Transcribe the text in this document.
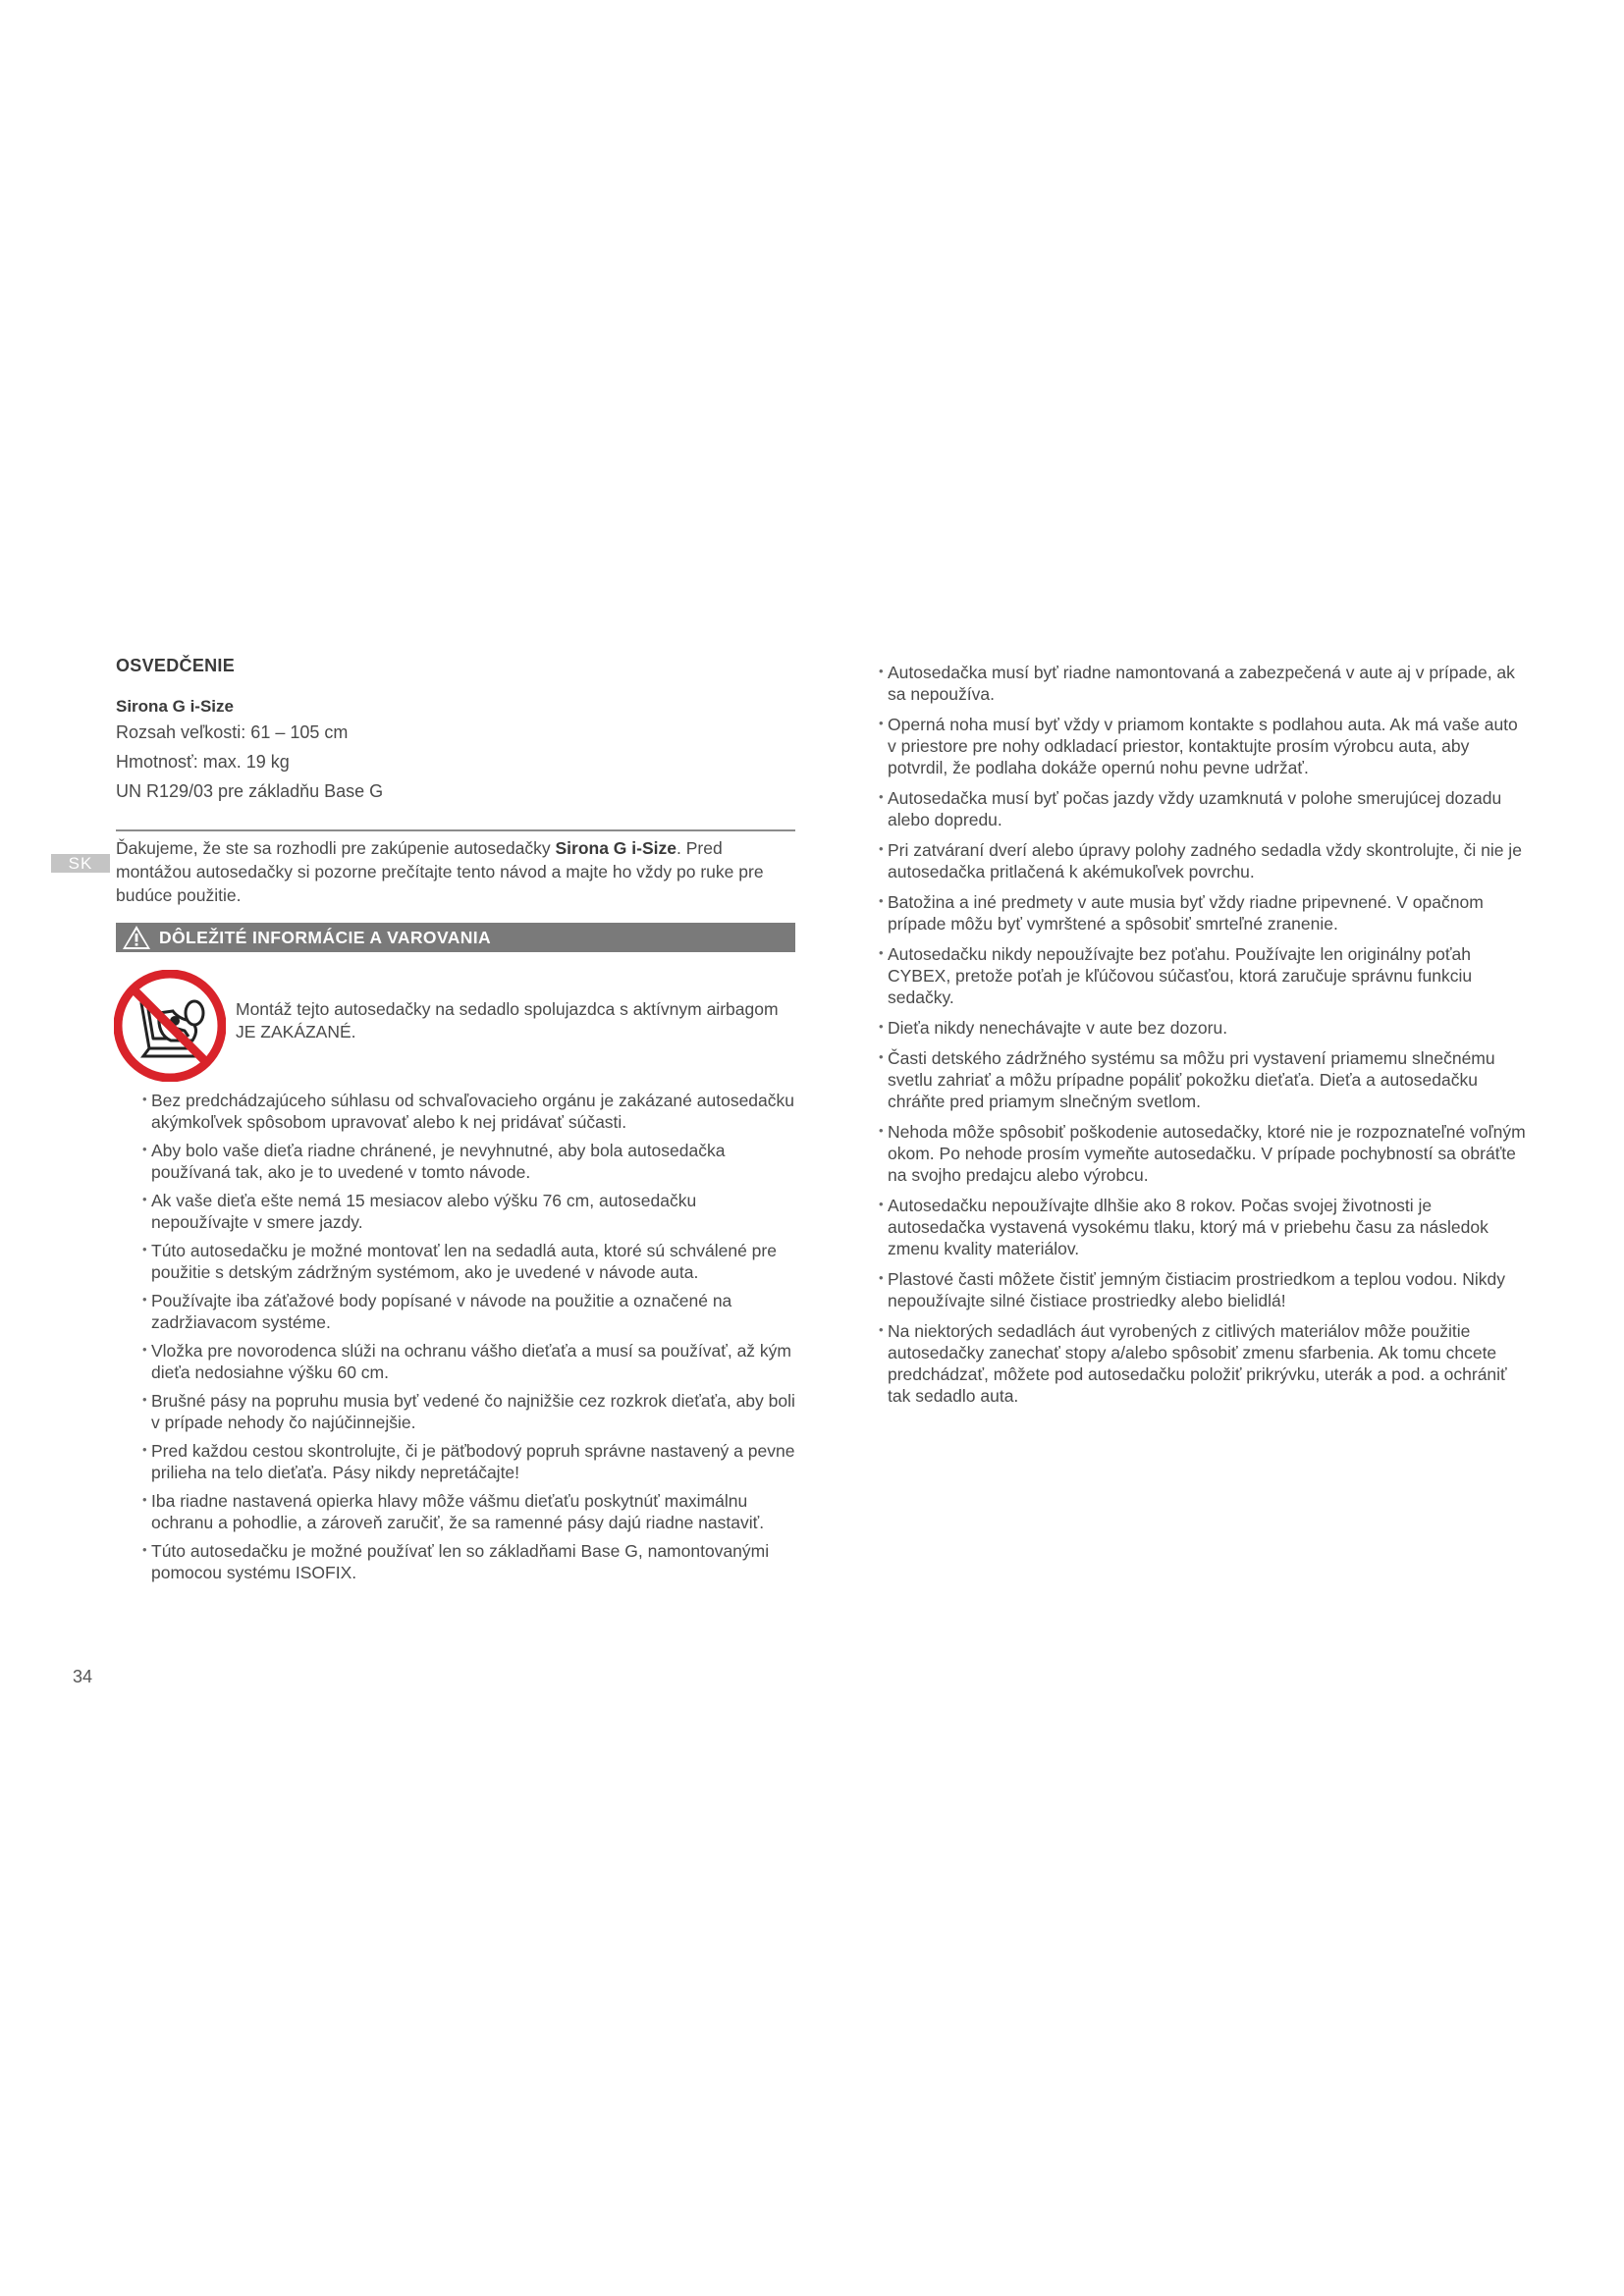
OSVEDČENIE
Sirona G i-Size
Rozsah veľkosti: 61 – 105 cm
Hmotnosť: max. 19 kg
UN R129/03 pre základňu Base G
SK

Ďakujeme, že ste sa rozhodli pre zakúpenie autosedačky Sirona G i-Size. Pred montážou autosedačky si pozorne prečítajte tento návod a majte ho vždy po ruke pre budúce použitie.

DÔLEŽITÉ INFORMÁCIE A VAROVANIA

Montáž tejto autosedačky na sedadlo spolujazdca s aktívnym airbagom JE ZAKÁZANÉ.

• Bez predchádzajúceho súhlasu od schvaľovacieho orgánu je zakázané autosedačku akýmkoľvek spôsobom upravovať alebo k nej pridávať súčasti.

• Aby bolo vaše dieťa riadne chránené, je nevyhnutné, aby bola autosedačka používaná tak, ako je to uvedené v tomto návode.

• Ak vaše dieťa ešte nemá 15 mesiacov alebo výšku 76 cm, autosedačku nepoužívajte v smere jazdy.

• Túto autosedačku je možné montovať len na sedadlá auta, ktoré sú schválené pre použitie s detským zádržným systémom, ako je uvedené v návode auta.

• Používajte iba záťažové body popísané v návode na použitie a označené na zadržiavacom systéme.

• Vložka pre novorodenca slúži na ochranu vášho dieťaťa a musí sa používať, až kým dieťa nedosiahne výšku 60 cm.

• Brušné pásy na popruhu musia byť vedené čo najnižšie cez rozkrok dieťaťa, aby boli v prípade nehody čo najúčinnejšie.

• Pred každou cestou skontrolujte, či je päťbodový popruh správne nastavený a pevne prilieha na telo dieťaťa. Pásy nikdy nepretáčajte!

• Iba riadne nastavená opierka hlavy môže vášmu dieťaťu poskytnúť maximálnu ochranu a pohodlie, a zároveň zaručiť, že sa ramenné pásy dajú riadne nastaviť.

• Túto autosedačku je možné používať len so základňami Base G, namontovanými pomocou systému ISOFIX.

• Autosedačka musí byť riadne namontovaná a zabezpečená v aute aj v prípade, ak sa nepoužíva.

• Operná noha musí byť vždy v priamom kontakte s podlahou auta. Ak má vaše auto v priestore pre nohy odkladací priestor, kontaktujte prosím výrobcu auta, aby potvrdil, že podlaha dokáže opernú nohu pevne udržať.

• Autosedačka musí byť počas jazdy vždy uzamknutá v polohe smerujúcej dozadu alebo dopredu.

• Pri zatváraní dverí alebo úpravy polohy zadného sedadla vždy skontrolujte, či nie je autosedačka pritlačená k akémukoľvek povrchu.

• Batožina a iné predmety v aute musia byť vždy riadne pripevnené. V opačnom prípade môžu byť vymrštené a spôsobiť smrteľné zranenie.

• Autosedačku nikdy nepoužívajte bez poťahu. Používajte len originálny poťah CYBEX, pretože poťah je kľúčovou súčasťou, ktorá zaručuje správnu funkciu sedačky.

• Dieťa nikdy nenechávajte v aute bez dozoru.

• Časti detského zádržného systému sa môžu pri vystavení priamemu slnečnému svetlu zahriať a môžu prípadne popáliť pokožku dieťaťa. Dieťa a autosedačku chráňte pred priamym slnečným svetlom.

• Nehoda môže spôsobiť poškodenie autosedačky, ktoré nie je rozpoznateľné voľným okom. Po nehode prosím vymeňte autosedačku. V prípade pochybností sa obráťte na svojho predajcu alebo výrobcu.

• Autosedačku nepoužívajte dlhšie ako 8 rokov. Počas svojej životnosti je autosedačka vystavená vysokému tlaku, ktorý má v priebehu času za následok zmenu kvality materiálov.

• Plastové časti môžete čistiť jemným čistiacim prostriedkom a teplou vodou. Nikdy nepoužívajte silné čistiace prostriedky alebo bielidlá!

• Na niektorých sedadlách áut vyrobených z citlivých materiálov môže použitie autosedačky zanechať stopy a/alebo spôsobiť zmenu sfarbenia. Ak tomu chcete predchádzať, môžete pod autosedačku položiť prikrývku, uterák a pod. a ochrániť tak sedadlo auta.

34
